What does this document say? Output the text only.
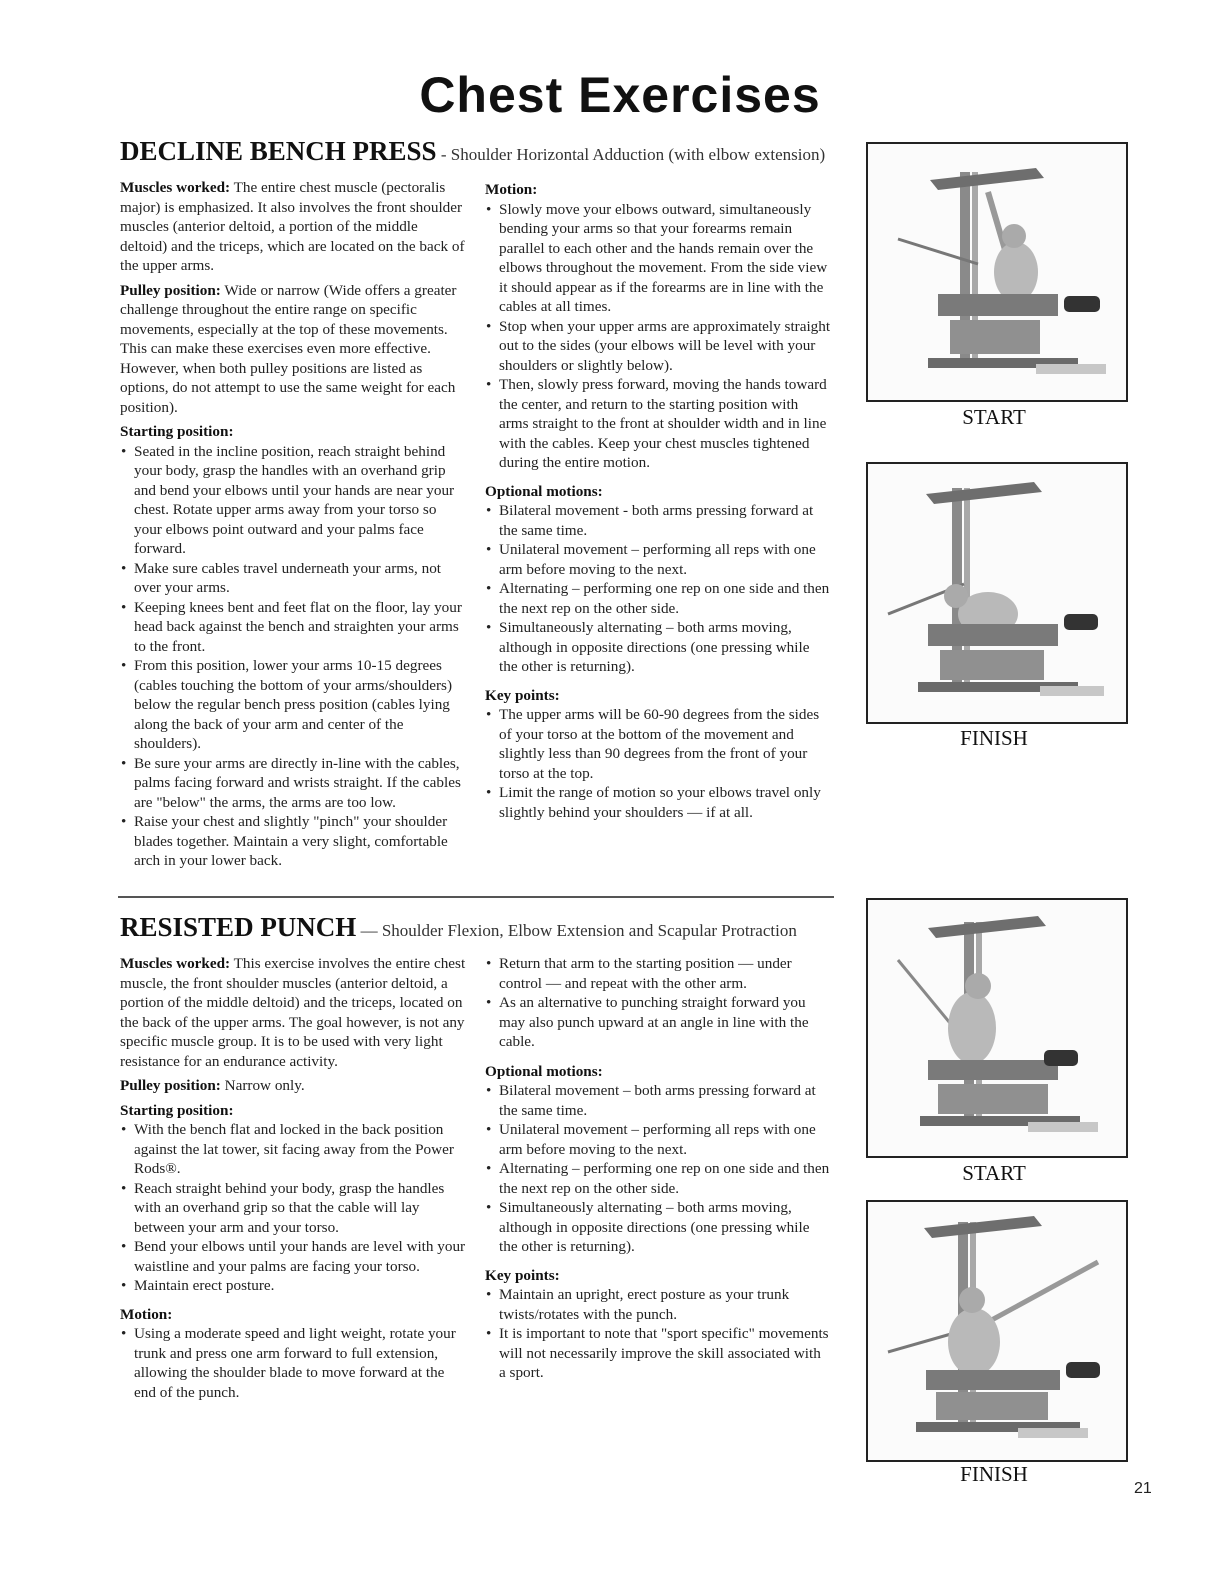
Chest Exercises
DECLINE BENCH PRESS - Shoulder Horizontal Adduction (with elbow extension)

Muscles worked: The entire chest muscle (pectoralis major) is emphasized. It also involves the front shoulder muscles (anterior deltoid, a portion of the middle deltoid) and the triceps, which are located on the back of the upper arms.

Pulley position: Wide or narrow (Wide offers a greater challenge throughout the entire range on specific movements, especially at the top of these movements. This can make these exercises even more effective. However, when both pulley positions are listed as options, do not attempt to use the same weight for each position).

Starting position:
• Seated in the incline position, reach straight behind your body, grasp the handles with an overhand grip and bend your elbows until your hands are near your chest. Rotate upper arms away from your torso so your elbows point outward and your palms face forward.
• Make sure cables travel underneath your arms, not over your arms.
• Keeping knees bent and feet flat on the floor, lay your head back against the bench and straighten your arms to the front.
• From this position, lower your arms 10-15 degrees (cables touching the bottom of your arms/shoulders) below the regular bench press position (cables lying along the back of your arm and center of the shoulders).
• Be sure your arms are directly in-line with the cables, palms facing forward and wrists straight. If the cables are "below" the arms, the arms are too low.
• Raise your chest and slightly "pinch" your shoulder blades together. Maintain a very slight, comfortable arch in your lower back.
Motion:
• Slowly move your elbows outward, simultaneously bending your arms so that your forearms remain parallel to each other and the hands remain over the elbows throughout the movement. From the side view it should appear as if the forearms are in line with the cables at all times.
• Stop when your upper arms are approximately straight out to the sides (your elbows will be level with your shoulders or slightly below).
• Then, slowly press forward, moving the hands toward the center, and return to the starting position with arms straight to the front at shoulder width and in line with the cables. Keep your chest muscles tightened during the entire motion.
Optional motions:
• Bilateral movement - both arms pressing forward at the same time.
• Unilateral movement – performing all reps with one arm before moving to the next.
• Alternating – performing one rep on one side and then the next rep on the other side.
• Simultaneously alternating – both arms moving, although in opposite directions (one pressing while the other is returning).
Key points:
• The upper arms will be 60-90 degrees from the sides of your torso at the bottom of the movement and slightly less than 90 degrees from the front of your torso at the top.
• Limit the range of motion so your elbows travel only slightly behind your shoulders — if at all.
START
FINISH
RESISTED PUNCH — Shoulder Flexion, Elbow Extension and Scapular Protraction

Muscles worked: This exercise involves the entire chest muscle, the front shoulder muscles (anterior deltoid, a portion of the middle deltoid) and the triceps, located on the back of the upper arms. The goal however, is not any specific muscle group. It is to be used with very light resistance for an endurance activity.

Pulley position: Narrow only.

Starting position:
• With the bench flat and locked in the back position against the lat tower, sit facing away from the Power Rods®.
• Reach straight behind your body, grasp the handles with an overhand grip so that the cable will lay between your arm and your torso.
• Bend your elbows until your hands are level with your waistline and your palms are facing your torso.
• Maintain erect posture.
Motion:
• Using a moderate speed and light weight, rotate your trunk and press one arm forward to full extension, allowing the shoulder blade to move forward at the end of the punch.
• Return that arm to the starting position — under control — and repeat with the other arm.
• As an alternative to punching straight forward you may also punch upward at an angle in line with the cable.
Optional motions:
• Bilateral movement – both arms pressing forward at the same time.
• Unilateral movement – performing all reps with one arm before moving to the next.
• Alternating – performing one rep on one side and then the next rep on the other side.
• Simultaneously alternating – both arms moving, although in opposite directions (one pressing while the other is returning).
Key points:
• Maintain an upright, erect posture as your trunk twists/rotates with the punch.
• It is important to note that "sport specific" movements will not necessarily improve the skill associated with a sport.
START
FINISH
21
